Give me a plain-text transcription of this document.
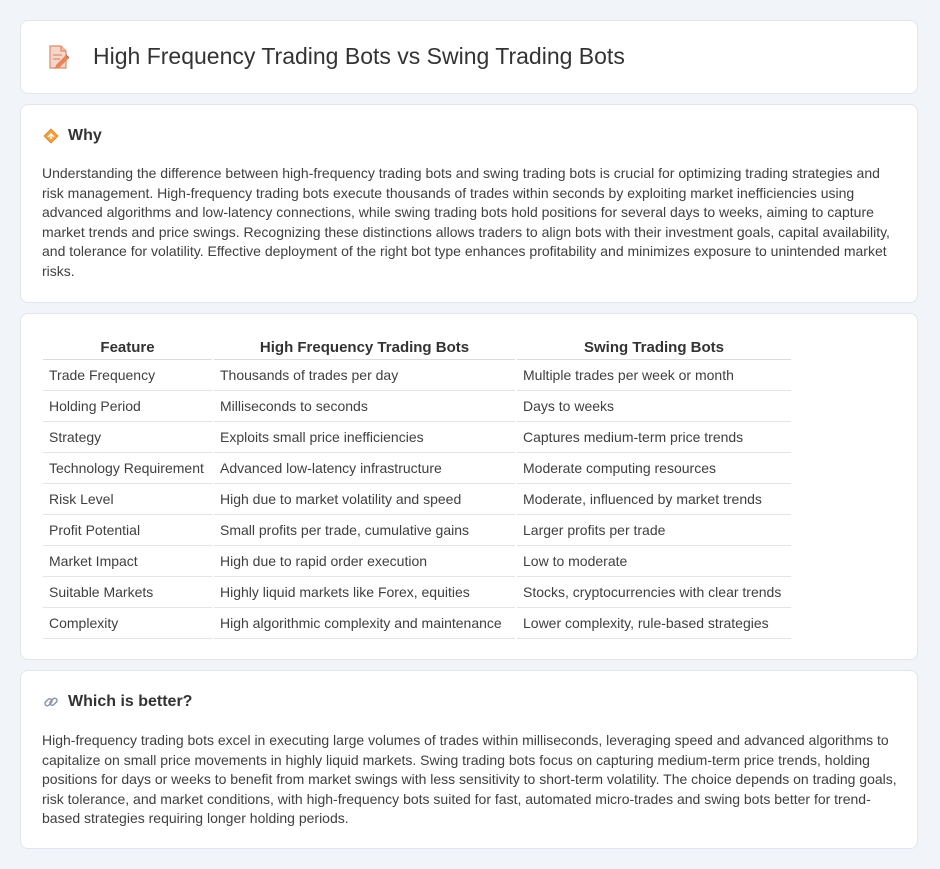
High Frequency Trading Bots vs Swing Trading Bots
Why

Understanding the difference between high-frequency trading bots and swing trading bots is crucial for optimizing trading strategies and risk management. High-frequency trading bots execute thousands of trades within seconds by exploiting market inefficiencies using advanced algorithms and low-latency connections, while swing trading bots hold positions for several days to weeks, aiming to capture market trends and price swings. Recognizing these distinctions allows traders to align bots with their investment goals, capital availability, and tolerance for volatility. Effective deployment of the right bot type enhances profitability and minimizes exposure to unintended market risks.

Feature	High Frequency Trading Bots	Swing Trading Bots
Trade Frequency	Thousands of trades per day	Multiple trades per week or month
Holding Period	Milliseconds to seconds	Days to weeks
Strategy	Exploits small price inefficiencies	Captures medium-term price trends
Technology Requirement	Advanced low-latency infrastructure	Moderate computing resources
Risk Level	High due to market volatility and speed	Moderate, influenced by market trends
Profit Potential	Small profits per trade, cumulative gains	Larger profits per trade
Market Impact	High due to rapid order execution	Low to moderate
Suitable Markets	Highly liquid markets like Forex, equities	Stocks, cryptocurrencies with clear trends
Complexity	High algorithmic complexity and maintenance	Lower complexity, rule-based strategies
Which is better?

High-frequency trading bots excel in executing large volumes of trades within milliseconds, leveraging speed and advanced algorithms to capitalize on small price movements in highly liquid markets. Swing trading bots focus on capturing medium-term price trends, holding positions for days or weeks to benefit from market swings with less sensitivity to short-term volatility. The choice depends on trading goals, risk tolerance, and market conditions, with high-frequency bots suited for fast, automated micro-trades and swing bots better for trend-based strategies requiring longer holding periods.
